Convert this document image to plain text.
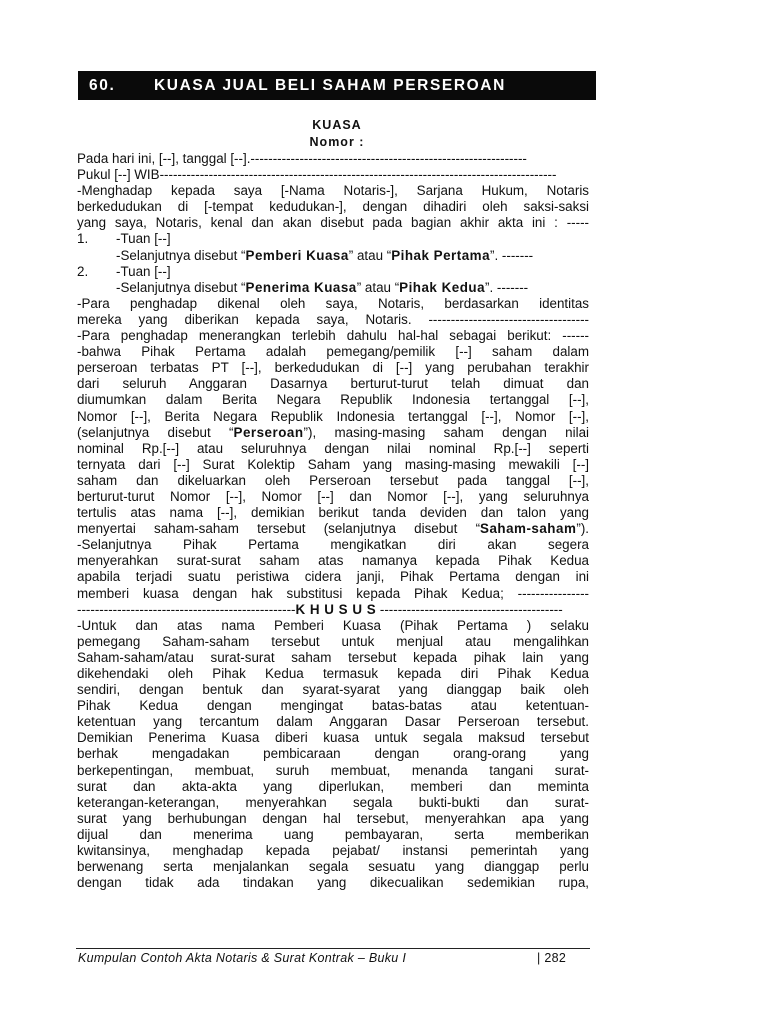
60. KUASA JUAL BELI SAHAM PERSEROAN
KUASA
Nomor :
Pada hari ini, [--], tanggal [--].--------------------------------------------------------------
Pukul [--] WIB-----------------------------------------------------------------------------------------
-Menghadap kepada saya [-Nama Notaris-], Sarjana Hukum, Notaris
berkedudukan di [-tempat kedudukan-], dengan dihadiri oleh saksi-saksi
yang saya, Notaris, kenal dan akan disebut pada bagian akhir akta ini : -----
1. -Tuan [--]
-Selanjutnya disebut “Pemberi Kuasa” atau “Pihak Pertama”. -------
2. -Tuan [--]
-Selanjutnya disebut “Penerima Kuasa” atau “Pihak Kedua”. -------
-Para penghadap dikenal oleh saya, Notaris, berdasarkan identitas
mereka yang diberikan kepada saya, Notaris. ------------------------------------
-Para penghadap menerangkan terlebih dahulu hal-hal sebagai berikut: ------
-bahwa Pihak Pertama adalah pemegang/pemilik [--] saham dalam
perseroan terbatas PT [--], berkedudukan di [--] yang perubahan terakhir
dari seluruh Anggaran Dasarnya berturut-turut telah dimuat dan
diumumkan dalam Berita Negara Republik Indonesia tertanggal [--],
Nomor [--], Berita Negara Republik Indonesia tertanggal [--], Nomor [--],
(selanjutnya disebut “Perseroan”), masing-masing saham dengan nilai
nominal Rp.[--] atau seluruhnya dengan nilai nominal Rp.[--] seperti
ternyata dari [--] Surat Kolektip Saham yang masing-masing mewakili [--]
saham dan dikeluarkan oleh Perseroan tersebut pada tanggal [--],
berturut-turut Nomor [--], Nomor [--] dan Nomor [--], yang seluruhnya
tertulis atas nama [--], demikian berikut tanda deviden dan talon yang
menyertai saham-saham tersebut (selanjutnya disebut “Saham-saham”).
-Selanjutnya Pihak Pertama mengikatkan diri akan segera
menyerahkan surat-surat saham atas namanya kepada Pihak Kedua
apabila terjadi suatu peristiwa cidera janji, Pihak Pertama dengan ini
memberi kuasa dengan hak substitusi kepada Pihak Kedua; ----------------
-------------------------------------------------K H U S U S -----------------------------------------
-Untuk dan atas nama Pemberi Kuasa (Pihak Pertama ) selaku
pemegang Saham-saham tersebut untuk menjual atau mengalihkan
Saham-saham/atau surat-surat saham tersebut kepada pihak lain yang
dikehendaki oleh Pihak Kedua termasuk kepada diri Pihak Kedua
sendiri, dengan bentuk dan syarat-syarat yang dianggap baik oleh
Pihak Kedua dengan mengingat batas-batas atau ketentuan-
ketentuan yang tercantum dalam Anggaran Dasar Perseroan tersebut.
Demikian Penerima Kuasa diberi kuasa untuk segala maksud tersebut
berhak mengadakan pembicaraan dengan orang-orang yang
berkepentingan, membuat, suruh membuat, menanda tangani surat-
surat dan akta-akta yang diperlukan, memberi dan meminta
keterangan-keterangan, menyerahkan segala bukti-bukti dan surat-
surat yang berhubungan dengan hal tersebut, menyerahkan apa yang
dijual dan menerima uang pembayaran, serta memberikan
kwitansinya, menghadap kepada pejabat/ instansi pemerintah yang
berwenang serta menjalankan segala sesuatu yang dianggap perlu
dengan tidak ada tindakan yang dikecualikan sedemikian rupa,
Kumpulan Contoh Akta Notaris & Surat Kontrak – Buku I	| 282
